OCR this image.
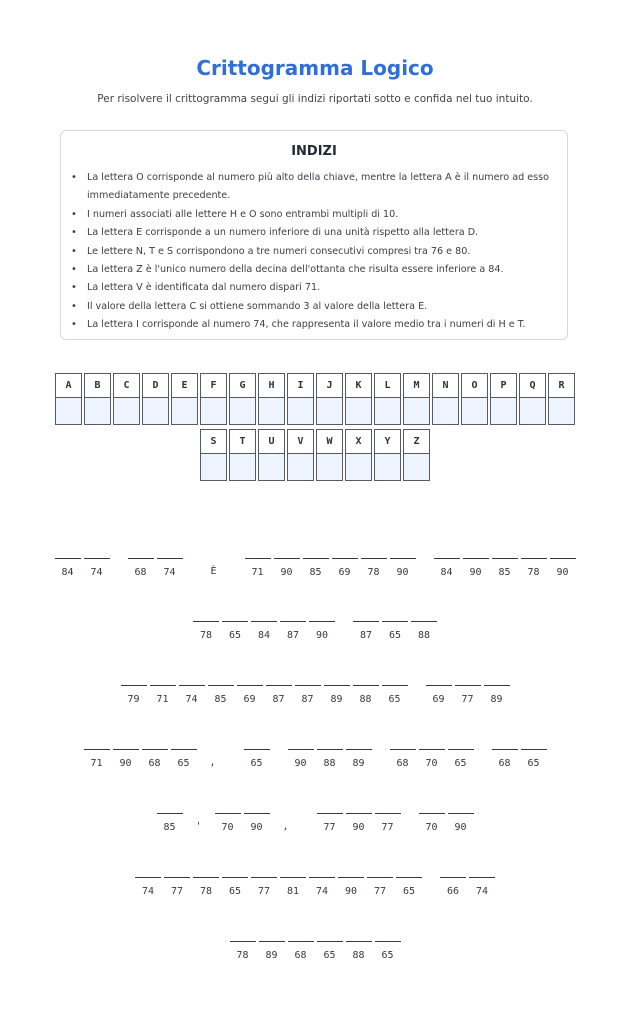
Crittogramma Logico
Per risolvere il crittogramma segui gli indizi riportati sotto e confida nel tuo intuito.
INDIZI
• La lettera O corrisponde al numero più alto della chiave, mentre la lettera A è il numero ad esso immediatamente precedente.
• I numeri associati alle lettere H e O sono entrambi multipli di 10.
• La lettera E corrisponde a un numero inferiore di una unità rispetto alla lettera D.
• Le lettere N, T e S corrispondono a tre numeri consecutivi compresi tra 76 e 80.
• La lettera Z è l'unico numero della decina dell'ottanta che risulta essere inferiore a 84.
• La lettera V è identificata dal numero dispari 71.
• Il valore della lettera C si ottiene sommando 3 al valore della lettera E.
• La lettera I corrisponde al numero 74, che rappresenta il valore medio tra i numeri di H e T.
A	B	C	D	E	F	G	H	I	J	K	L	M	N	O	P	Q	R
S	T	U	V	W	X	Y	Z
84	74	68	74	È	71	90	85	69	78	90	84	90	85	78	90
78	65	84	87	90	87	65	88
79	71	74	85	69	87	87	89	88	65	69	77	89
71	90	68	65	,	65	90	88	89	68	70	65	68	65
85	'	70	90	,	77	90	77	70	90
74	77	78	65	77	81	74	90	77	65	66	74
78	89	68	65	88	65
